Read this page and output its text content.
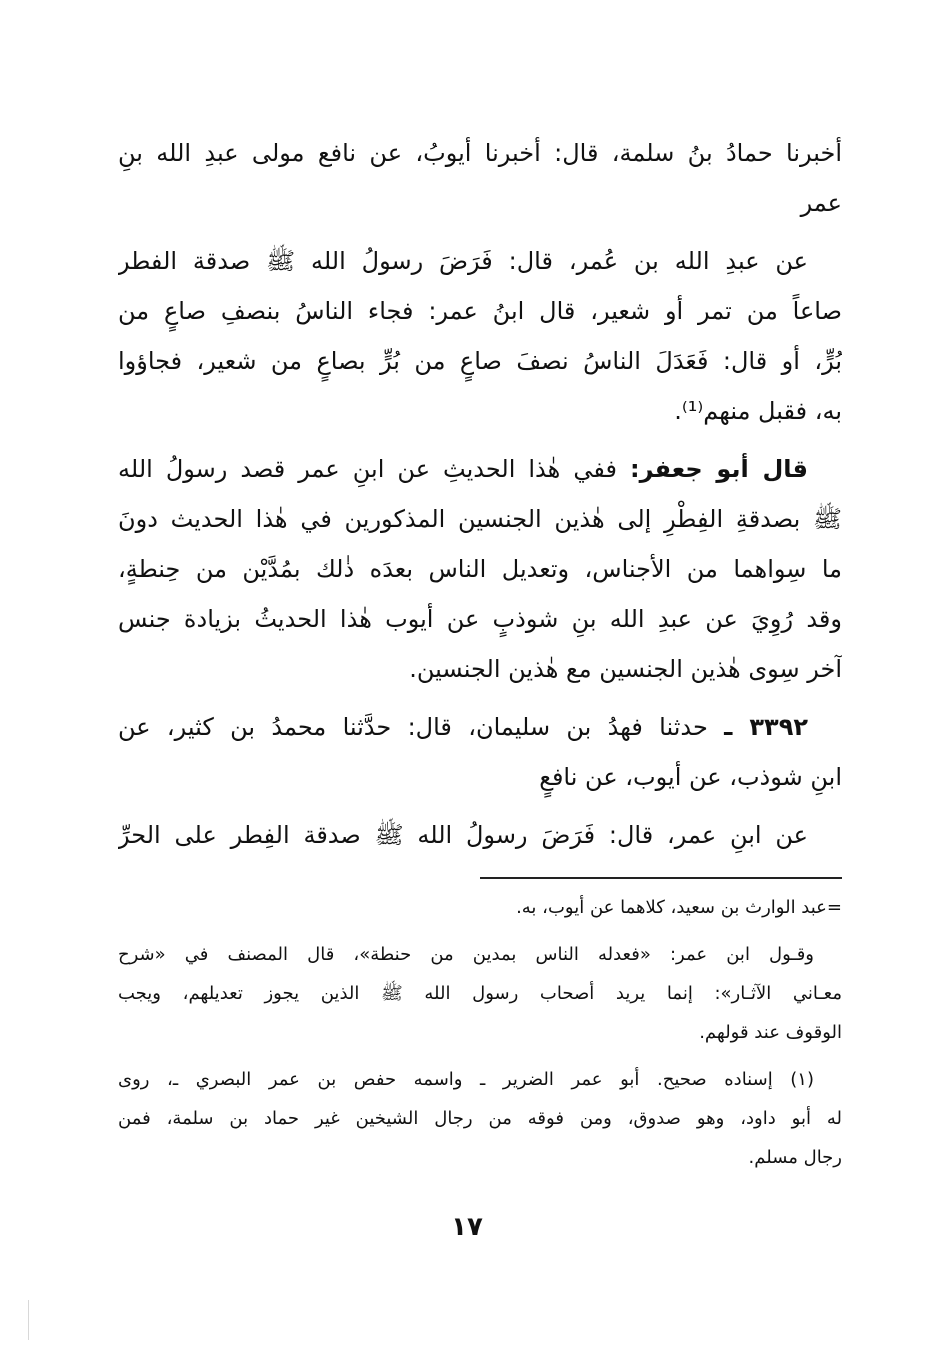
أخبرنا حمادُ بنُ سلمة، قال: أخبرنا أيوبُ، عن نافع مولى عبدِ الله بنِ
عمر
عن عبدِ الله بن عُمر، قال: فَرَضَ رسولُ الله ﷺ صدقة الفطر
صاعاً من تمر أو شعير، قال ابنُ عمر: فجاء الناسُ بنصفِ صاعٍ من
بُرٍّ، أو قال: فَعَدَلَ الناسُ نصفَ صاعٍ من بُرٍّ بصاعٍ من شعير، فجاؤوا
به، فقبل منهم⁽¹⁾.
قال أبو جعفر: ففي هٰذا الحديثِ عن ابنِ عمر قصد رسولُ الله
ﷺ بصدقةِ الفِطْرِ إلى هٰذين الجنسين المذكورين في هٰذا الحديث دونَ
ما سِواهما من الأجناس، وتعديل الناس بعدَه ذٰلك بمُدَّيْن من حِنطةٍ،
وقد رُوِيَ عن عبدِ الله بنِ شوذبٍ عن أيوب هٰذا الحديثُ بزيادة جنس
آخر سِوى هٰذين الجنسين مع هٰذين الجنسين.
٣٣٩٢ ـ حدثنا فهدُ بن سليمان، قال: حدَّثنا محمدُ بن كثير، عن
ابنِ شوذب، عن أيوب، عن نافعٍ
عن ابنِ عمر، قال: فَرَضَ رسولُ الله ﷺ صدقة الفِطر على الحرِّ
=عبد الوارث بن سعيد، كلاهما عن أيوب، به.
وقـول ابن عمر: «فعدله الناس بمدين من حنطة»، قال المصنف في «شرح
معـاني الآثـار»: إنما يريد أصحاب رسول الله ﷺ الذين يجوز تعديلهم، ويجب
الوقوف عند قولهم.
(١) إسناده صحيح. أبو عمر الضرير ـ واسمه حفص بن عمر البصري ـ، روى
له أبو داود، وهو صدوق، ومن فوقه من رجال الشيخين غير حماد بن سلمة، فمن
رجال مسلم.
١٧
